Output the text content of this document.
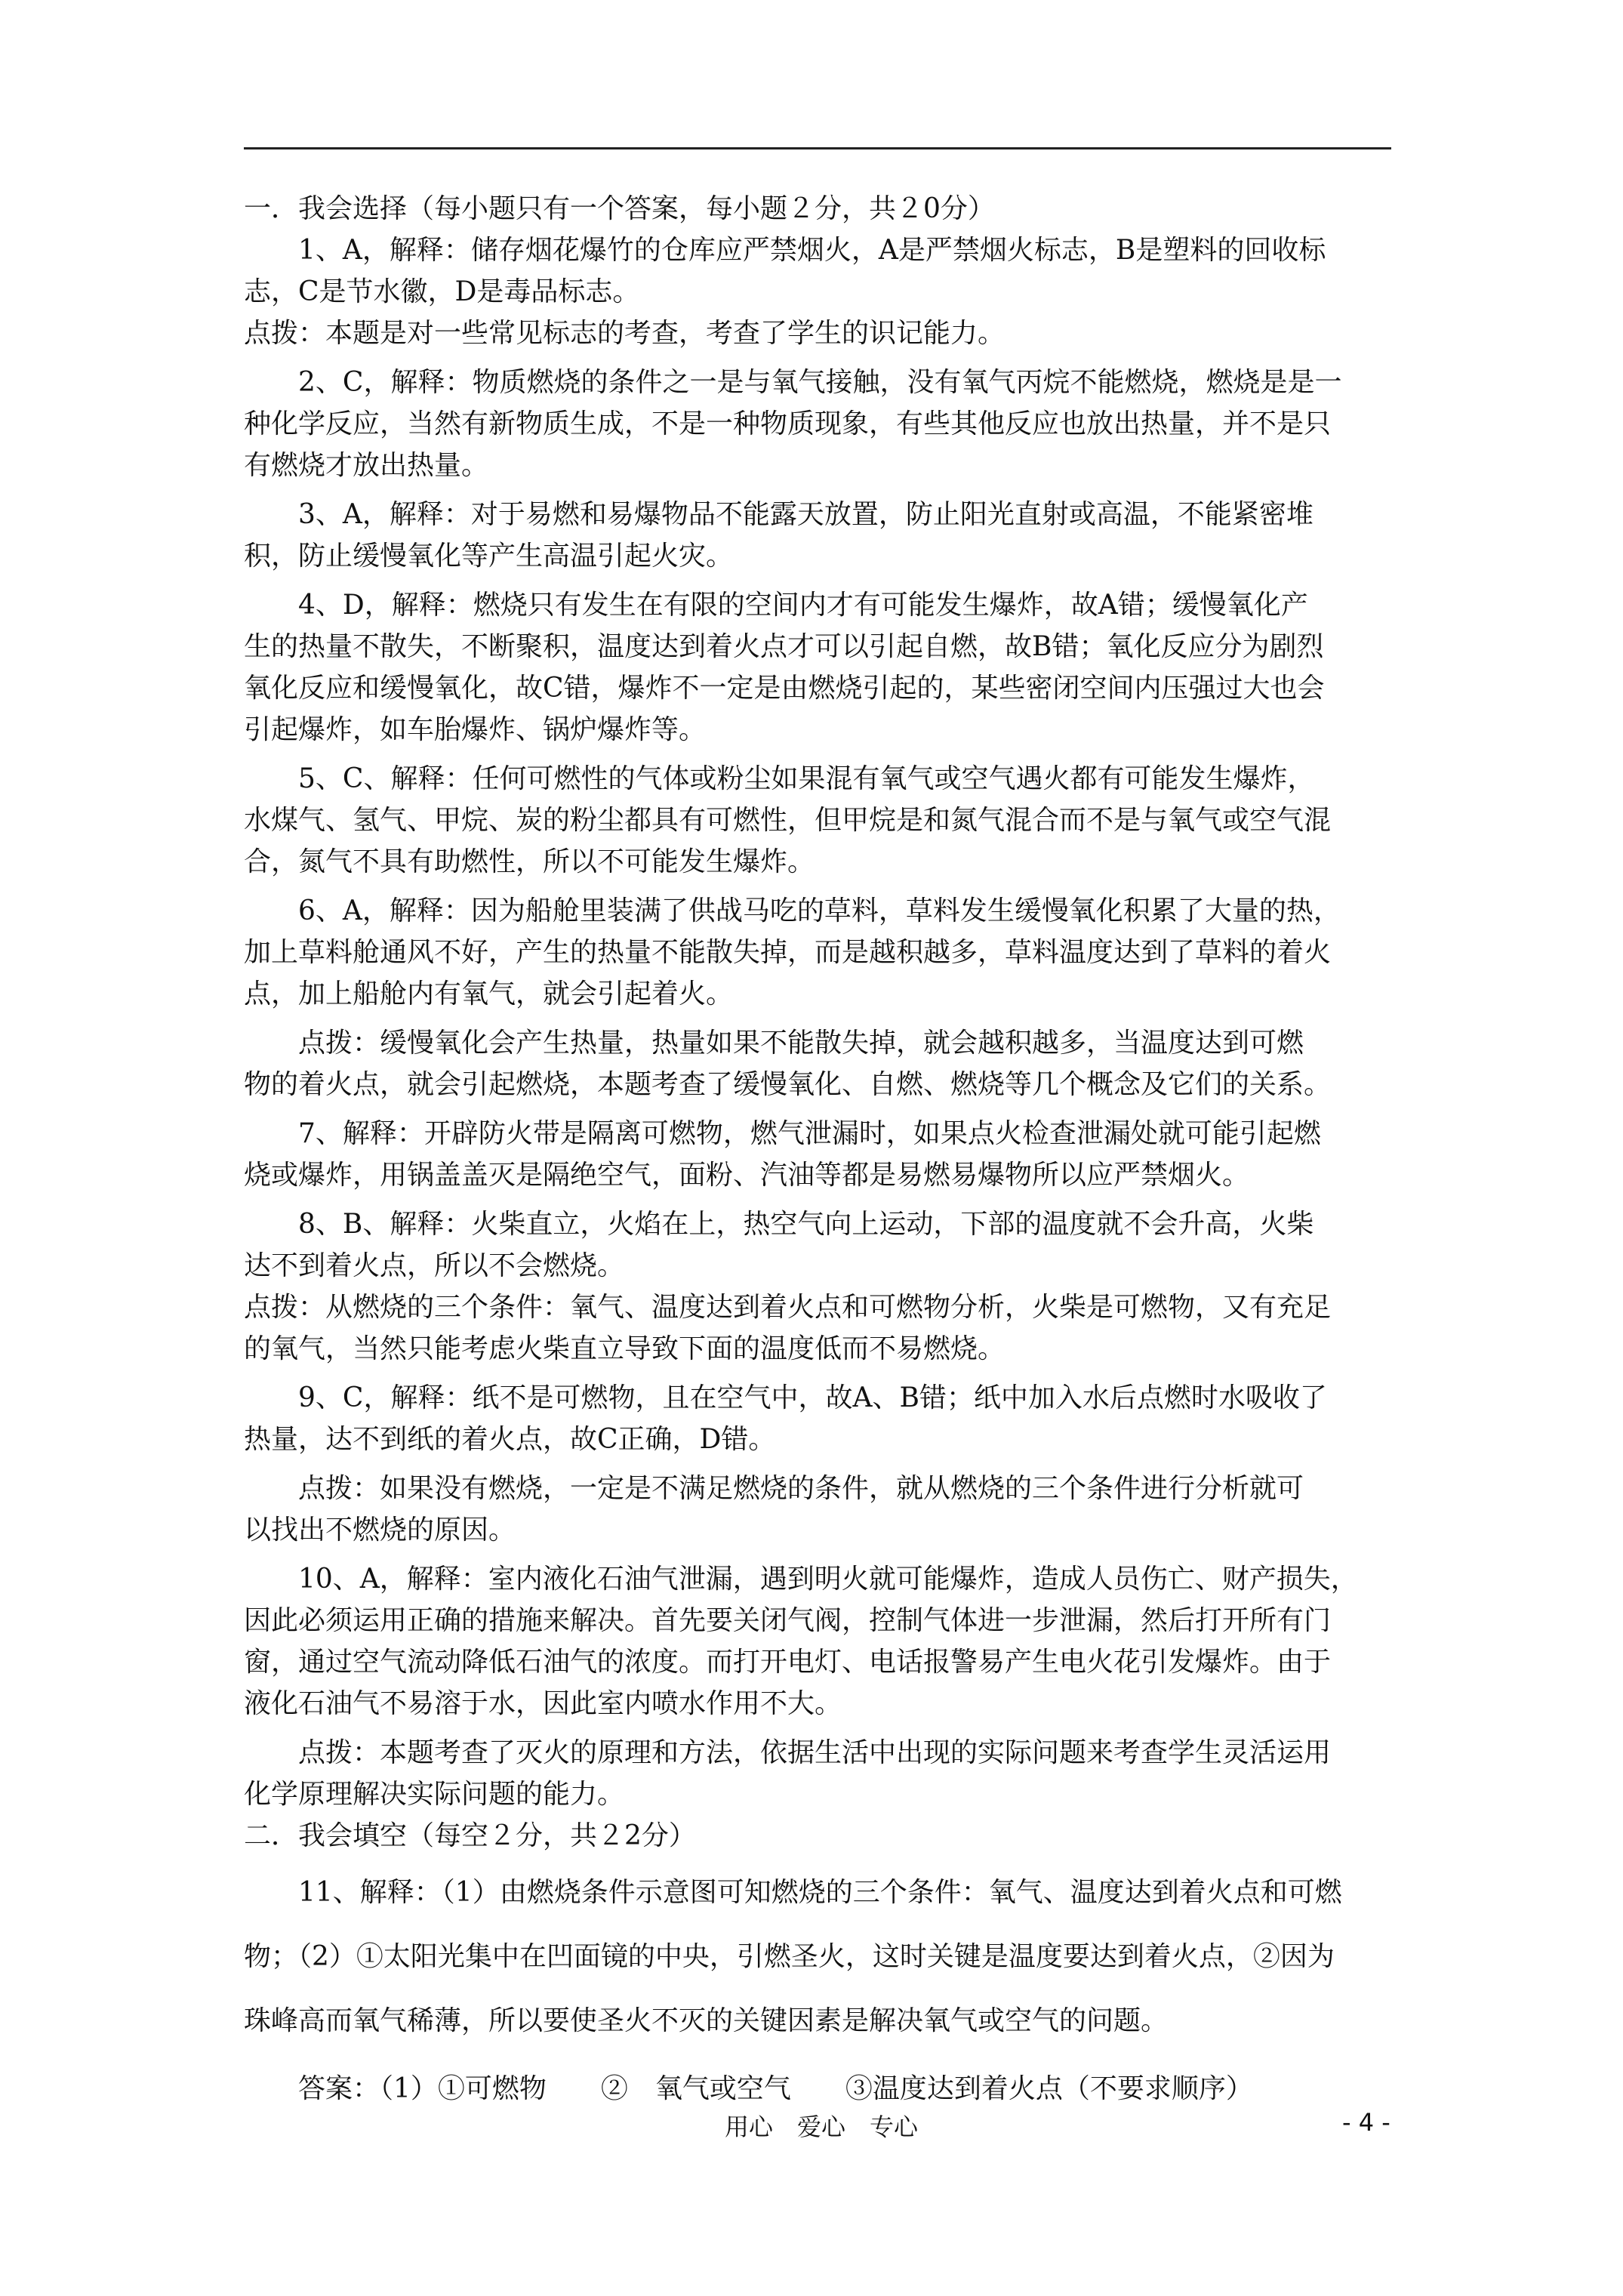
一．我会选择（每小题只有一个答案，每小题２分，共２0分）
　　1、A，解释：储存烟花爆竹的仓库应严禁烟火，A是严禁烟火标志，B是塑料的回收标
志，C是节水徽，D是毒品标志。
点拨：本题是对一些常见标志的考查，考查了学生的识记能力。
　　2、C，解释：物质燃烧的条件之一是与氧气接触，没有氧气丙烷不能燃烧，燃烧是是一
种化学反应，当然有新物质生成，不是一种物质现象，有些其他反应也放出热量，并不是只
有燃烧才放出热量。
　　3、A，解释：对于易燃和易爆物品不能露天放置，防止阳光直射或高温，不能紧密堆
积，防止缓慢氧化等产生高温引起火灾。
　　4、D，解释：燃烧只有发生在有限的空间内才有可能发生爆炸，故A错；缓慢氧化产
生的热量不散失，不断聚积，温度达到着火点才可以引起自燃，故B错；氧化反应分为剧烈
氧化反应和缓慢氧化，故C错，爆炸不一定是由燃烧引起的，某些密闭空间内压强过大也会
引起爆炸，如车胎爆炸、锅炉爆炸等。
　　5、C、解释：任何可燃性的气体或粉尘如果混有氧气或空气遇火都有可能发生爆炸，
水煤气、氢气、甲烷、炭的粉尘都具有可燃性，但甲烷是和氮气混合而不是与氧气或空气混
合，氮气不具有助燃性，所以不可能发生爆炸。
　　6、A，解释：因为船舱里装满了供战马吃的草料，草料发生缓慢氧化积累了大量的热，
加上草料舱通风不好，产生的热量不能散失掉，而是越积越多，草料温度达到了草料的着火
点，加上船舱内有氧气，就会引起着火。
　　点拨：缓慢氧化会产生热量，热量如果不能散失掉，就会越积越多，当温度达到可燃
物的着火点，就会引起燃烧，本题考查了缓慢氧化、自燃、燃烧等几个概念及它们的关系。
　　7、解释：开辟防火带是隔离可燃物，燃气泄漏时，如果点火检查泄漏处就可能引起燃
烧或爆炸，用锅盖盖灭是隔绝空气，面粉、汽油等都是易燃易爆物所以应严禁烟火。
　　8、B、解释：火柴直立，火焰在上，热空气向上运动，下部的温度就不会升高，火柴
达不到着火点，所以不会燃烧。
点拨：从燃烧的三个条件：氧气、温度达到着火点和可燃物分析，火柴是可燃物，又有充足
的氧气，当然只能考虑火柴直立导致下面的温度低而不易燃烧。
　　9、C，解释：纸不是可燃物，且在空气中，故A、B错；纸中加入水后点燃时水吸收了
热量，达不到纸的着火点，故C正确，D错。
　　点拨：如果没有燃烧，一定是不满足燃烧的条件，就从燃烧的三个条件进行分析就可
以找出不燃烧的原因。
　　10、A，解释：室内液化石油气泄漏，遇到明火就可能爆炸，造成人员伤亡、财产损失，
因此必须运用正确的措施来解决。首先要关闭气阀，控制气体进一步泄漏，然后打开所有门
窗，通过空气流动降低石油气的浓度。而打开电灯、电话报警易产生电火花引发爆炸。由于
液化石油气不易溶于水，因此室内喷水作用不大。
　　点拨：本题考查了灭火的原理和方法，依据生活中出现的实际问题来考查学生灵活运用
化学原理解决实际问题的能力。
二．我会填空（每空２分，共２2分）
　　11、解释：（1）由燃烧条件示意图可知燃烧的三个条件：氧气、温度达到着火点和可燃
物；（2）①太阳光集中在凹面镜的中央，引燃圣火，这时关键是温度要达到着火点，②因为
珠峰高而氧气稀薄，所以要使圣火不灭的关键因素是解决氧气或空气的问题。
　　答案：（1）①可燃物　　②　氧气或空气　　③温度达到着火点（不要求顺序）
用心　爱心　专心	- 4 -
